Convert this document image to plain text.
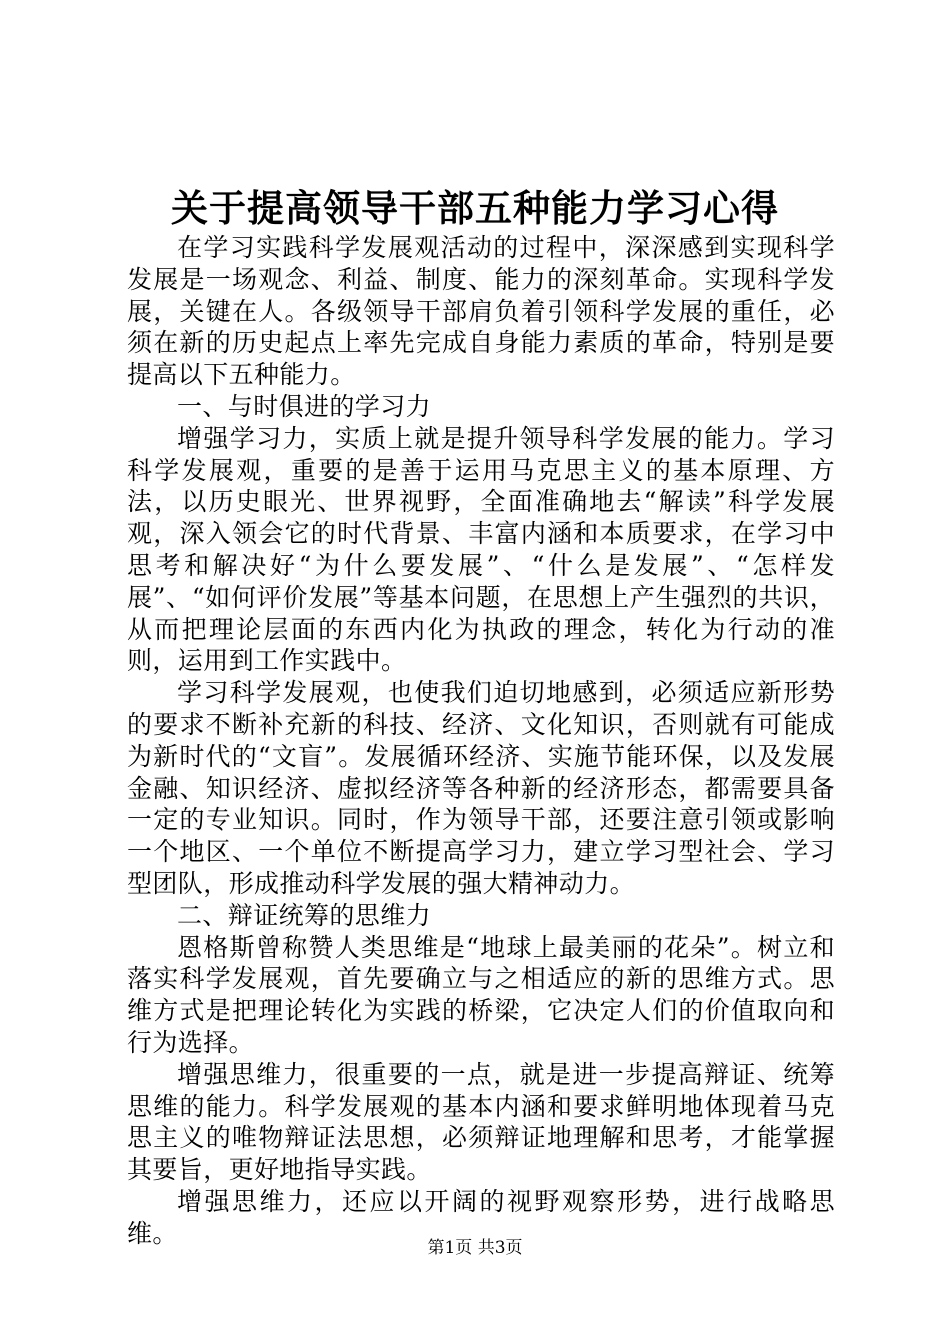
关于提高领导干部五种能力学习心得

在学习实践科学发展观活动的过程中，深深感到实现科学发展是一场观念、利益、制度、能力的深刻革命。实现科学发展，关键在人。各级领导干部肩负着引领科学发展的重任，必须在新的历史起点上率先完成自身能力素质的革命，特别是要提高以下五种能力。

一、与时俱进的学习力

增强学习力，实质上就是提升领导科学发展的能力。学习科学发展观，重要的是善于运用马克思主义的基本原理、方法，以历史眼光、世界视野，全面准确地去“解读”科学发展观，深入领会它的时代背景、丰富内涵和本质要求，在学习中思考和解决好“为什么要发展”、“什么是发展”、“怎样发展”、“如何评价发展”等基本问题，在思想上产生强烈的共识，从而把理论层面的东西内化为执政的理念，转化为行动的准则，运用到工作实践中。

学习科学发展观，也使我们迫切地感到，必须适应新形势的要求不断补充新的科技、经济、文化知识，否则就有可能成为新时代的“文盲”。发展循环经济、实施节能环保，以及发展金融、知识经济、虚拟经济等各种新的经济形态，都需要具备一定的专业知识。同时，作为领导干部，还要注意引领或影响一个地区、一个单位不断提高学习力，建立学习型社会、学习型团队，形成推动科学发展的强大精神动力。

二、辩证统筹的思维力

恩格斯曾称赞人类思维是“地球上最美丽的花朵”。树立和落实科学发展观，首先要确立与之相适应的新的思维方式。思维方式是把理论转化为实践的桥梁，它决定人们的价值取向和行为选择。

增强思维力，很重要的一点，就是进一步提高辩证、统筹思维的能力。科学发展观的基本内涵和要求鲜明地体现着马克思主义的唯物辩证法思想，必须辩证地理解和思考，才能掌握其要旨，更好地指导实践。

增强思维力，还应以开阔的视野观察形势，进行战略思维。

第1页 共3页
